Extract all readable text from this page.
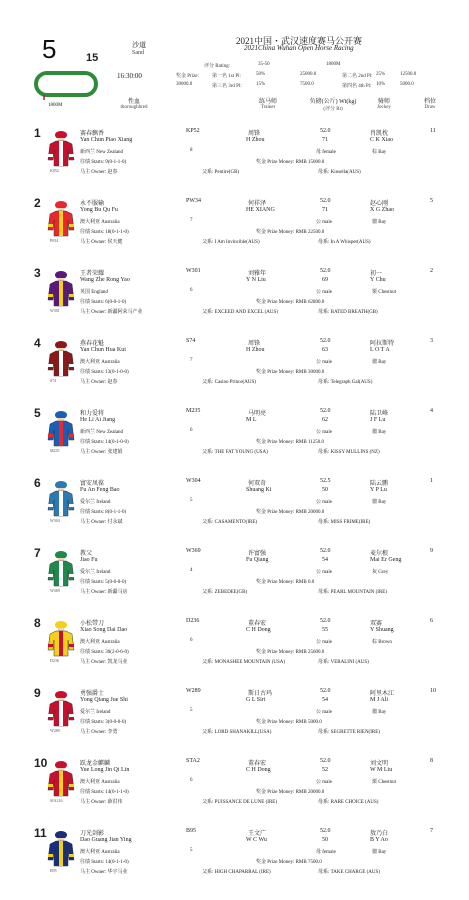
5	15
沙道
Sand
2021中国・武汉速度赛马公开赛
2021China Wuhan Open Horse Racing
1800M
16:30:00
评分 Rating:	35-50	1800M
奖金 Prize:
30000.0
第一名 1st Pl:	50%	25000.0	第二名 2nd Pl: 25%	12500.0
第三名 3rd Pl:	15%	7500.0	第四名 4th Pl: 10%	5000.0
性血
thoroughbred
练马师
Trainer
负磅(公斤) Wt(kg)
(评分 Rt)
骑师
Jockey
档位
Draw
1
K052
赛春飘香	KP52	周锋	52.0	肖凯枕	11
Yan Chun Piao Xiang	H Zhou	71	C K Xiao
新西兰 New Zealand	8	母 female	棕 Bay
往绩 Starts: 9(0-1-1-0)	奖金 Prize Money: RMB 15000.0
马主 Owner: 赵春	父系: Pentire(GB)	母系: Kinsella(AUS)
2
P034
永不服输	PW34	何祥泽	52.0	赵心刚	5
Yong Bu Qu Fu	HE XIANG	71	X G Zhao
澳大利亚 Australia	7	公 male	骝 Bay
往绩 Starts: 18(0-1-1-0)	奖金 Prize Money: RMB 22500.0
马主 Owner: 侯天健	父系: I Am Invincible(AUS)	母系: In A Whisper(AUS)
3
W301
王者荣耀	W301	刘雅年	52.0	初一	2
Wang Zhe Rong Yao	Y N Liu	69	Y Chu
英国 England	6	公 male	栗 Chestnut
往绩 Starts: 6(0-0-1-0)	奖金 Prize Money: RMB 62800.0
马主 Owner: 新疆阿荣马产业	父系: EXCEED AND EXCEL (AUS)	母系: BATED BREATH(GB)
4
S74
燕春花魁	S74	周锋	52.0	阿拉斯特	3
Yan Chun Hua Kui	H Zhou	63	L O T A
澳大利亚 Australia	7	公 male	骝 Bay
往绩 Starts: 13(0-1-0-0)	奖金 Prize Money: RMB 30000.0
马主 Owner: 赵春	父系: Casino Prince(AUS)	母系: Telegraph Gal(AUS)
5
M235
和力爱将	M235	马明亮	52.0	陆卫峰	4
He Li Ai Jiang	M L	62	J F Lu
新西兰 New Zealand	6	公 male	骝 Bay
往绩 Starts: 14(0-1-0-0)	奖金 Prize Money: RMB 11250.0
马主 Owner: 张建娟	父系: THE FAT YOUNG (USA)	母系: KISSY MULLINS (NZ)
6
W304
富安凤葆	W304	何双奇	52.5	陆云鹏	1
Fu An Feng Bao	Shuang Ki	50	Y P Lu
爱尔兰 Ireland	5	公 male	骝 Bay
往绩 Starts: 8(0-1-1-0)	奖金 Prize Money: RMB 20000.0
马主 Owner: 付永斌	父系: CASAMENTO(IRE)	母系: MISS FRIME(IRE)
7
W369
教父	W369	许富强	52.0	麦尔根	9
Jiao Fu	Fu Qiang	54	Mai Er Geng
爱尔兰 Ireland	4	公 male	灰 Grey
往绩 Starts: 5(0-0-0-0)	奖金 Prize Money: RMB 0.0
马主 Owner: 新疆马房	父系: ZEBEDEE(GB)	母系: PEARL MOUNTAIN (IRE)
8
D236
小松带刀	D236	董春宏	52.0	双赛	6
Xiao Song Dai Dao	C H Dong	55	Y Shuang
澳大利亚 Australia	6	公 male	棕 Brown
往绩 Starts: 30(2-0-6-0)	奖金 Prize Money: RMB 25600.0
马主 Owner: 凯龙马业	父系: MONASHEE MOUNTAIN (USA)	母系: VERALINI (AUS)
9
W289
勇强爵士	W289	斯日古玛	52.0	阿里木江	10
Yong Qiang Jue Shi	G L Siri	54	M J Ali
爱尔兰 Ireland	5	公 male	骝 Bay
往绩 Starts: 3(0-0-0-0)	奖金 Prize Money: RMB 5000.0
马主 Owner: 李勇	父系: LORD SHANAKILL(USA)	母系: SEGRETTE RIEN(IRE)
10
SIA216
跃龙金麒麟	STA2	董春宏	52.0	刘文明	8
Yue Long Jin Qi Lin	C H Dong	52	W M Liu
澳大利亚 Australia	6	公 male	栗 Chestnut
往绩 Starts: 14(0-1-1-0)	奖金 Prize Money: RMB 20000.0
马主 Owner: 薛洪伟	父系: PUISSANCE DE LUNE (IRE)	母系: RARE CHOICE (AUS)
11
B95
刀光剑影	B95	王文广	52.0	敖乃白	7
Dao Guang Jian Ying	W C Wu	50	B Y Ao
澳大利亚 Australia	5	母 female	骝 Bay
往绩 Starts: 14(0-1-1-0)	奖金 Prize Money: RMB 7500.0
马主 Owner: 华宇马业	父系: HIGH CHAPARRAL (IRE)	母系: TAKE CHARGE (AUS)
